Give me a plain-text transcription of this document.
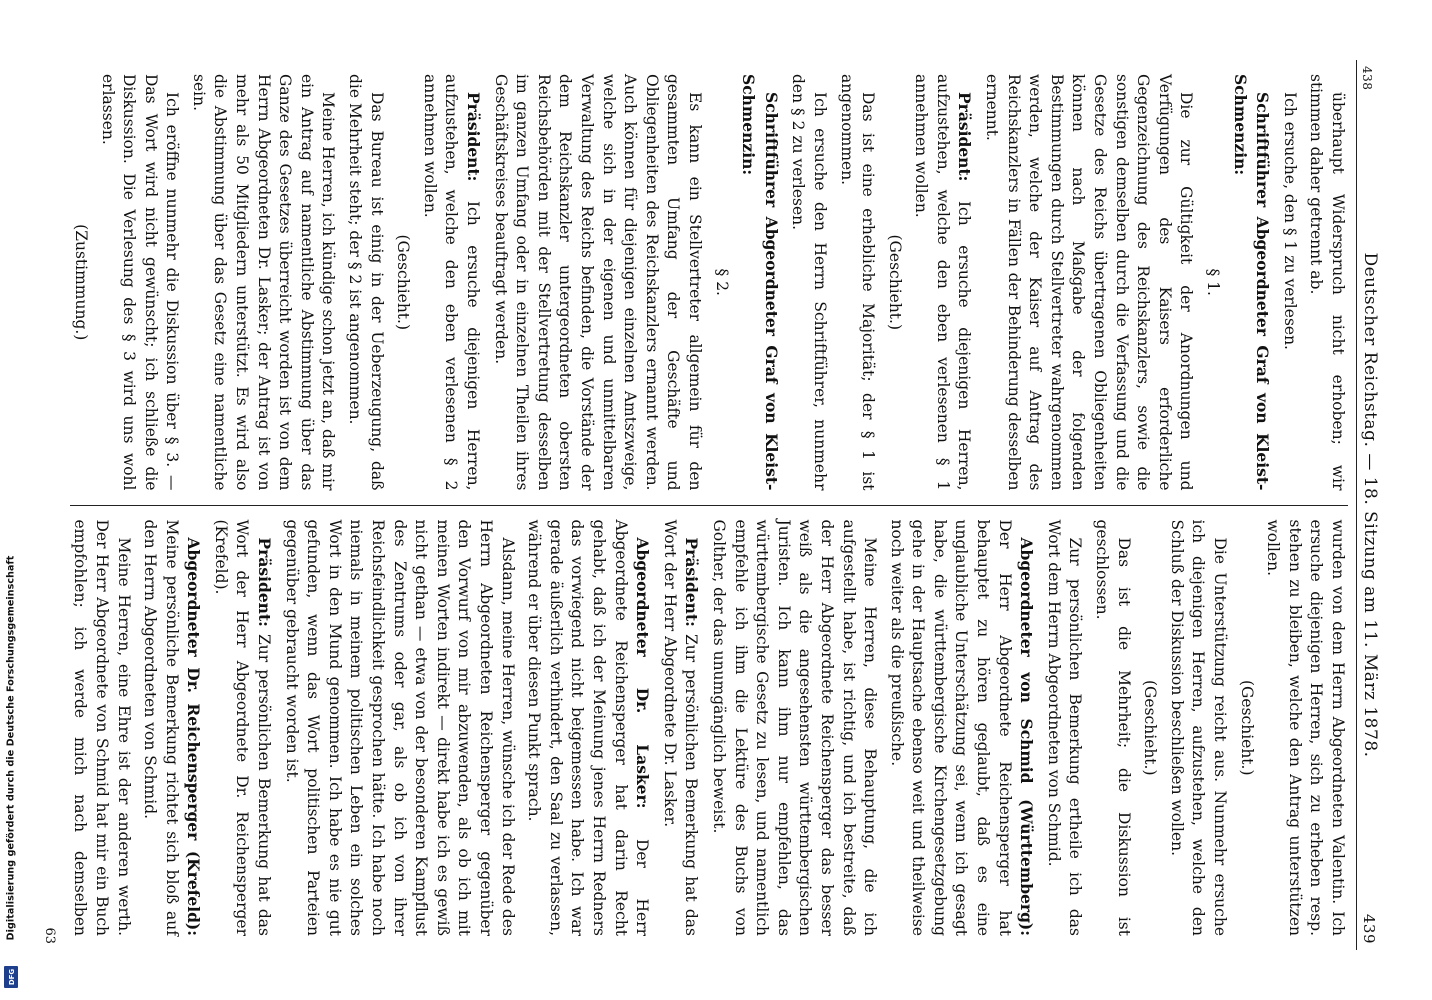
Digitalisierung gefördert durch die Deutsche Forschungsgemeinschaft
DFG
438
Deutscher Reichstag. — 18. Sitzung am 11. März 1878.
439

überhaupt Widerspruch nicht erhoben; wir stimmen daher getrennt ab.

Ich ersuche, den § 1 zu verlesen.

Schriftführer Abgeordneter Graf von Kleist-Schmenzin:

§ 1.

Die zur Gültigkeit der Anordnungen und Verfügungen des Kaisers erforderliche Gegenzeichnung des Reichskanzlers, sowie die sonstigen demselben durch die Verfassung und die Gesetze des Reichs übertragenen Obliegenheiten können nach Maßgabe der folgenden Bestimmungen durch Stellvertreter wahrgenommen werden, welche der Kaiser auf Antrag des Reichskanzlers in Fällen der Behinderung desselben ernennt.

Präsident: Ich ersuche diejenigen Herren, aufzustehen, welche den eben verlesenen § 1 annehmen wollen.

(Geschieht.)

Das ist eine erhebliche Majorität; der § 1 ist angenommen.

Ich ersuche den Herrn Schriftführer, nunmehr den § 2 zu verlesen.

Schriftführer Abgeordneter Graf von Kleist-Schmenzin:

§ 2.

Es kann ein Stellvertreter allgemein für den gesammten Umfang der Geschäfte und Obliegenheiten des Reichskanzlers ernannt werden. Auch können für diejenigen einzelnen Amtszweige, welche sich in der eigenen und unmittelbaren Verwaltung des Reichs befinden, die Vorstände der dem Reichskanzler untergeordneten obersten Reichsbehörden mit der Stellvertretung desselben im ganzen Umfang oder in einzelnen Theilen ihres Geschäftskreises beauftragt werden.

Präsident: Ich ersuche diejenigen Herren, aufzustehen, welche den eben verlesenen § 2 annehmen wollen.

(Geschieht.)

Das Bureau ist einig in der Ueberzeugung, daß die Mehrheit steht; der § 2 ist angenommen.

Meine Herren, ich kündige schon jetzt an, daß mir ein Antrag auf namentliche Abstimmung über das Ganze des Gesetzes überreicht worden ist von dem Herrn Abgeordneten Dr. Lasker; der Antrag ist von mehr als 50 Mitgliedern unterstützt. Es wird also die Abstimmung über das Gesetz eine namentliche sein.

Ich eröffne nunmehr die Diskussion über § 3. — Das Wort wird nicht gewünscht; ich schließe die Diskussion. Die Verlesung des § 3 wird uns wohl erlassen.

(Zustimmung.)

wurden von dem Herrn Abgeordneten Valentin. Ich ersuche diejenigen Herren, sich zu erheben resp. stehen zu bleiben, welche den Antrag unterstützen wollen.

(Geschieht.)

Die Unterstützung reicht aus. Nunmehr ersuche ich diejenigen Herren, aufzustehen, welche den Schluß der Diskussion beschließen wollen.

(Geschieht.)

Das ist die Mehrheit; die Diskussion ist geschlossen.

Zur persönlichen Bemerkung ertheile ich das Wort dem Herrn Abgeordneten von Schmid.

Abgeordneter von Schmid (Württemberg): Der Herr Abgeordnete Reichensperger hat behauptet zu hören geglaubt, daß es eine unglaubliche Unterschätzung sei, wenn ich gesagt habe, die württembergische Kirchengesetzgebung gehe in der Hauptsache ebenso weit und theilweise noch weiter als die preußische.

Meine Herren, diese Behauptung, die ich aufgestellt habe, ist richtig, und ich bestreite, daß der Herr Abgeordnete Reichensperger das besser weiß als die angesehensten württembergischen Juristen. Ich kann ihm nur empfehlen, das württembergische Gesetz zu lesen, und namentlich empfehle ich ihm die Lektüre des Buchs von Golther, der das unumgänglich beweist.

Präsident: Zur persönlichen Bemerkung hat das Wort der Herr Abgeordnete Dr. Lasker.

Abgeordneter Dr. Lasker: Der Herr Abgeordnete Reichensperger hat darin Recht gehabt, daß ich der Meinung jenes Herrn Redners das vorwiegend nicht beigemessen habe. Ich war gerade äußerlich verhindert, den Saal zu verlassen, während er über diesen Punkt sprach.

Alsdann, meine Herren, wünsche ich der Rede des Herrn Abgeordneten Reichensperger gegenüber den Vorwurf von mir abzuwenden, als ob ich mit meinen Worten indirekt — direkt habe ich es gewiß nicht gethan — etwa von der besonderen Kampflust des Zentrums oder gar, als ob ich von ihrer Reichsfeindlichkeit gesprochen hätte. Ich habe noch niemals in meinem politischen Leben ein solches Wort in den Mund genommen. Ich habe es nie gut gefunden, wenn das Wort politischen Parteien gegenüber gebraucht worden ist.

Präsident: Zur persönlichen Bemerkung hat das Wort der Herr Abgeordnete Dr. Reichensperger (Krefeld).

Abgeordneter Dr. Reichensperger (Krefeld): Meine persönliche Bemerkung richtet sich bloß auf den Herrn Abgeordneten von Schmid.

Meine Herren, eine Ehre ist der anderen werth. Der Herr Abgeordnete von Schmid hat mir ein Buch empfohlen; ich werde mich nach demselben

63
